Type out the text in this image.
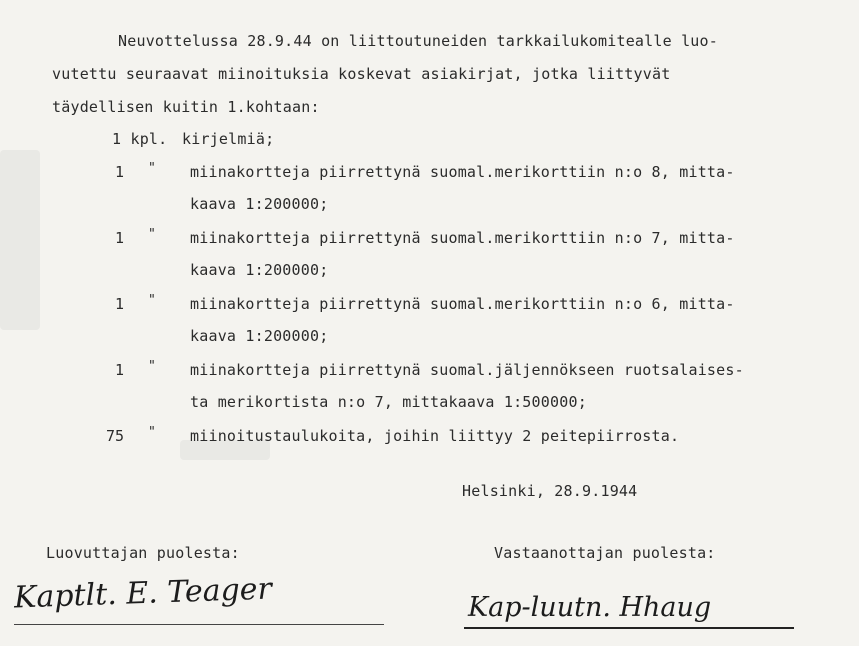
Neuvottelussa 28.9.44 on liittoutuneiden tarkkailukomitealle luo-
vutettu seuraavat miinoituksia koskevat asiakirjat, jotka liittyvät
täydellisen kuitin 1.kohtaan:
1 kpl. kirjelmiä;
1 " miinakortteja piirrettynä suomal.merikorttiin n:o 8, mitta-
kaava 1:200000;
1 " miinakortteja piirrettynä suomal.merikorttiin n:o 7, mitta-
kaava 1:200000;
1 " miinakortteja piirrettynä suomal.merikorttiin n:o 6, mitta-
kaava 1:200000;
1 " miinakortteja piirrettynä suomal.jäljennökseen ruotsalaises-
ta merikortista n:o 7, mittakaava 1:500000;
75 " miinoitustaulukoita, joihin liittyy 2 peitepiirrosta.
Helsinki, 28.9.1944
Luovuttajan puolesta:	Vastaanottajan puolesta:
Kaptlt. E. Teager	Kap-luutn. Hhaug
